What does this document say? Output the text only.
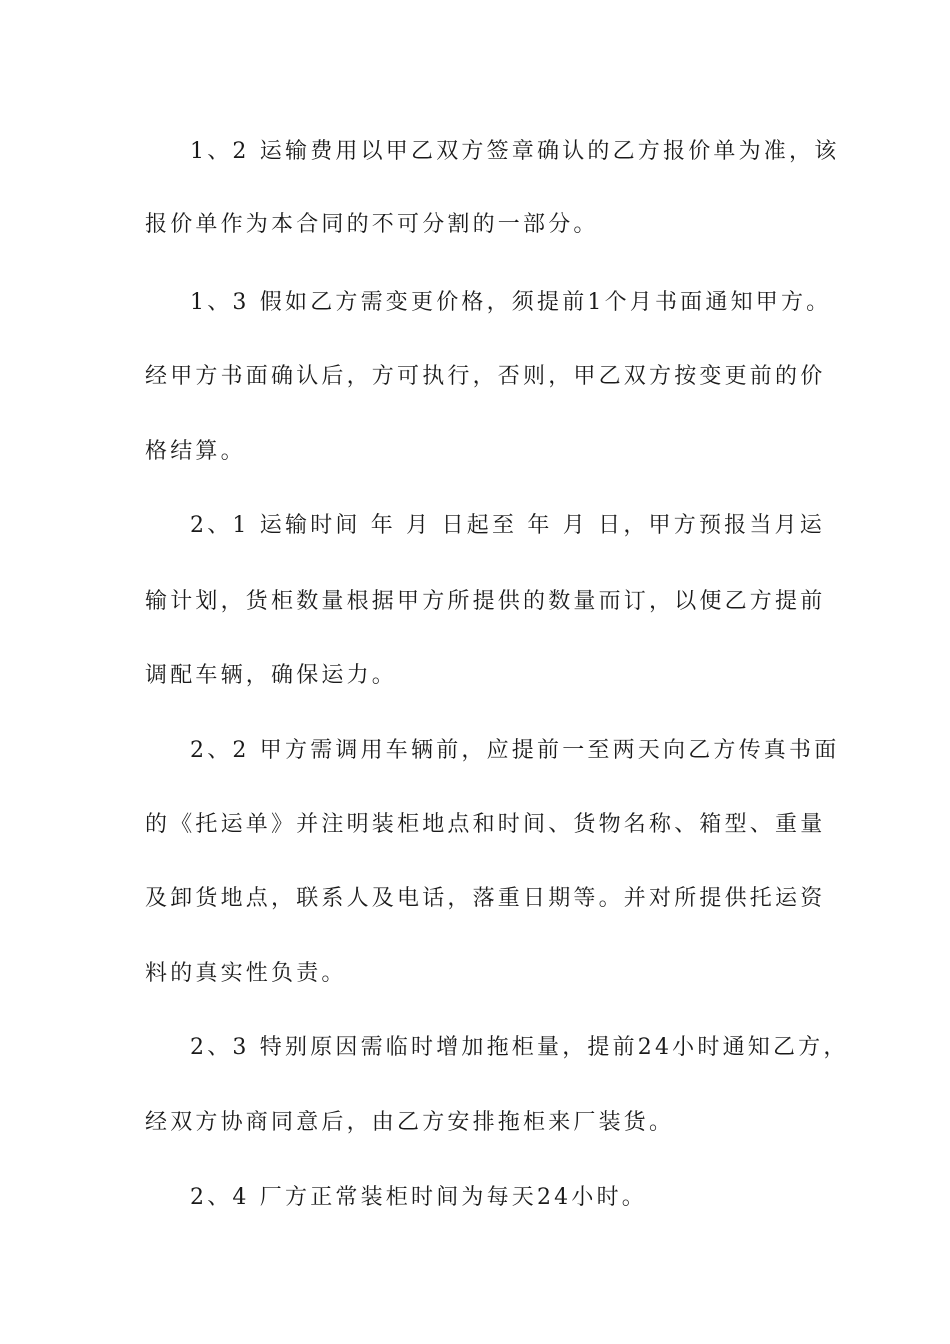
1、2 运输费用以甲乙双方签章确认的乙方报价单为准，该
报价单作为本合同的不可分割的一部分。
1、3 假如乙方需变更价格，须提前1个月书面通知甲方。
经甲方书面确认后，方可执行，否则，甲乙双方按变更前的价
格结算。
2、1 运输时间 年 月 日起至 年 月 日，甲方预报当月运
输计划，货柜数量根据甲方所提供的数量而订，以便乙方提前
调配车辆，确保运力。
2、2 甲方需调用车辆前，应提前一至两天向乙方传真书面
的《托运单》并注明装柜地点和时间、货物名称、箱型、重量
及卸货地点，联系人及电话，落重日期等。并对所提供托运资
料的真实性负责。
2、3 特别原因需临时增加拖柜量，提前24小时通知乙方，
经双方协商同意后，由乙方安排拖柜来厂装货。
2、4 厂方正常装柜时间为每天24小时。
